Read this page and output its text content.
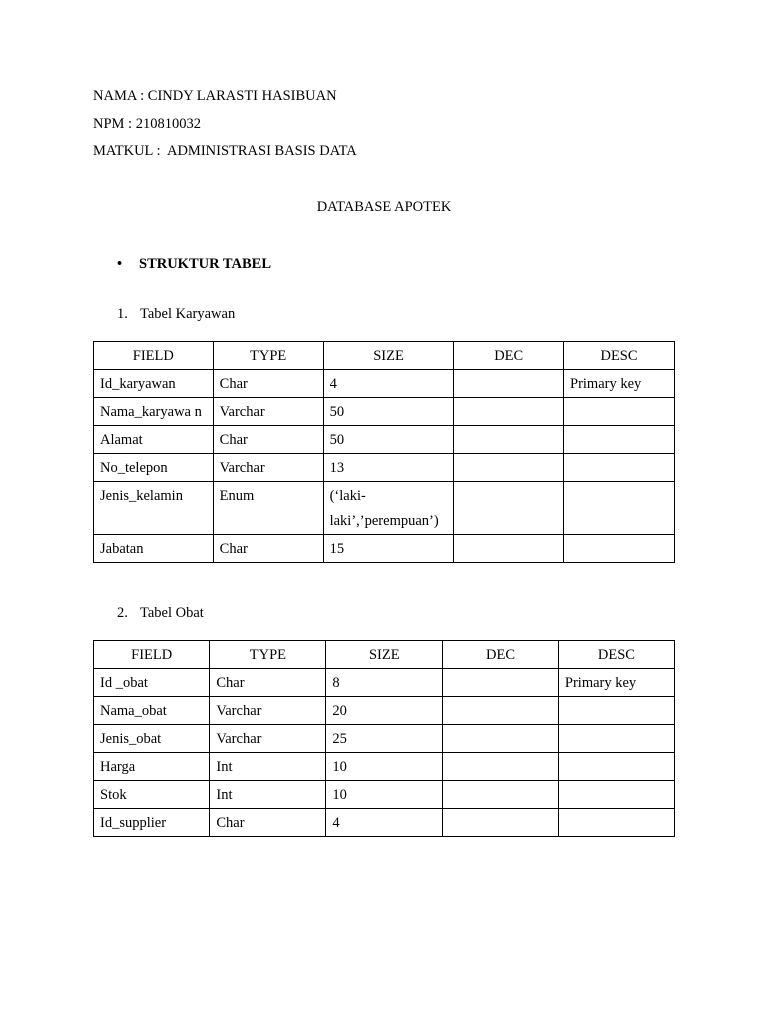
NAMA : CINDY LARASTI HASIBUAN
NPM : 210810032
MATKUL :  ADMINISTRASI BASIS DATA
DATABASE APOTEK
• STRUKTUR TABEL
1. Tabel Karyawan
FIELD	TYPE	SIZE	DEC	DESC
Id_karyawan	Char	4		Primary key
Nama_karyawa n	Varchar	50		
Alamat	Char	50		
No_telepon	Varchar	13		
Jenis_kelamin	Enum	(‘laki-laki’,’perempuan’)		
Jabatan	Char	15		
2. Tabel Obat
FIELD	TYPE	SIZE	DEC	DESC
Id _obat	Char	8		Primary key
Nama_obat	Varchar	20		
Jenis_obat	Varchar	25		
Harga	Int	10		
Stok	Int	10		
Id_supplier	Char	4		
